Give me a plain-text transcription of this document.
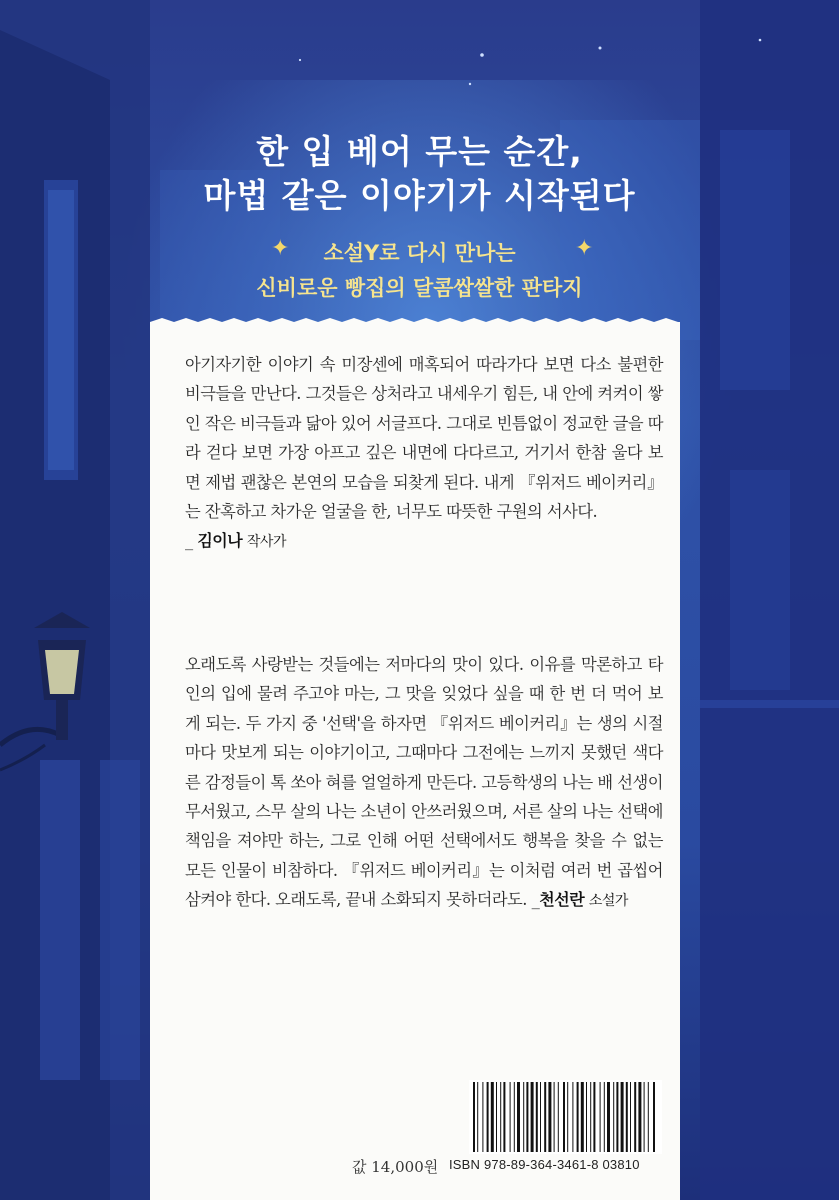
한 입 베어 무는 순간,
마법 같은 이야기가 시작된다
✦	✦
소설Y로 다시 만나는
신비로운 빵집의 달콤쌉쌀한 판타지
아기자기한 이야기 속 미장센에 매혹되어 따라가다 보면 다소 불편한 비극들을 만난다. 그것들은 상처라고 내세우기 힘든, 내 안에 켜켜이 쌓인 작은 비극들과 닮아 있어 서글프다. 그대로 빈틈없이 정교한 글을 따라 걷다 보면 가장 아프고 깊은 내면에 다다르고, 거기서 한참 울다 보면 제법 괜찮은 본연의 모습을 되찾게 된다. 내게 『위저드 베이커리』는 잔혹하고 차가운 얼굴을 한, 너무도 따뜻한 구원의 서사다.
_ 김이나 작사가
오래도록 사랑받는 것들에는 저마다의 맛이 있다. 이유를 막론하고 타인의 입에 물려 주고야 마는, 그 맛을 잊었다 싶을 때 한 번 더 먹어 보게 되는. 두 가지 중 '선택'을 하자면 『위저드 베이커리』는 생의 시절마다 맛보게 되는 이야기이고, 그때마다 그전에는 느끼지 못했던 색다른 감정들이 톡 쏘아 혀를 얼얼하게 만든다. 고등학생의 나는 배 선생이 무서웠고, 스무 살의 나는 소년이 안쓰러웠으며, 서른 살의 나는 선택에 책임을 져야만 하는, 그로 인해 어떤 선택에서도 행복을 찾을 수 없는 모든 인물이 비참하다. 『위저드 베이커리』는 이처럼 여러 번 곱씹어 삼켜야 한다. 오래도록, 끝내 소화되지 못하더라도. _천선란 소설가
값 14,000원 ISBN 978-89-364-3461-8 03810
